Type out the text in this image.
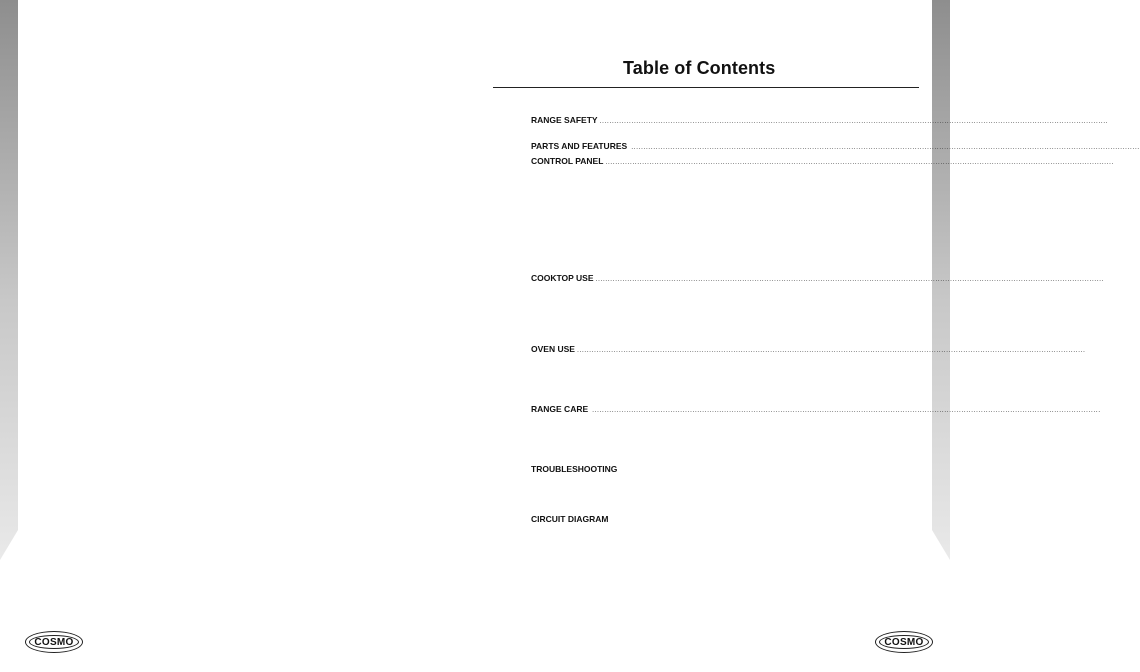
Table of Contents
RANGE SAFETY ................................................................................................................................................................................................................
PARTS AND FEATURES ................................................................................................................................................................................................................
CONTROL PANEL ................................................................................................................................................................................................................
COOKTOP USE ................................................................................................................................................................................................................
OVEN USE ................................................................................................................................................................................................................
RANGE CARE ................................................................................................................................................................................................................
TROUBLESHOOTING
CIRCUIT DIAGRAM
COSMO	COSMO
